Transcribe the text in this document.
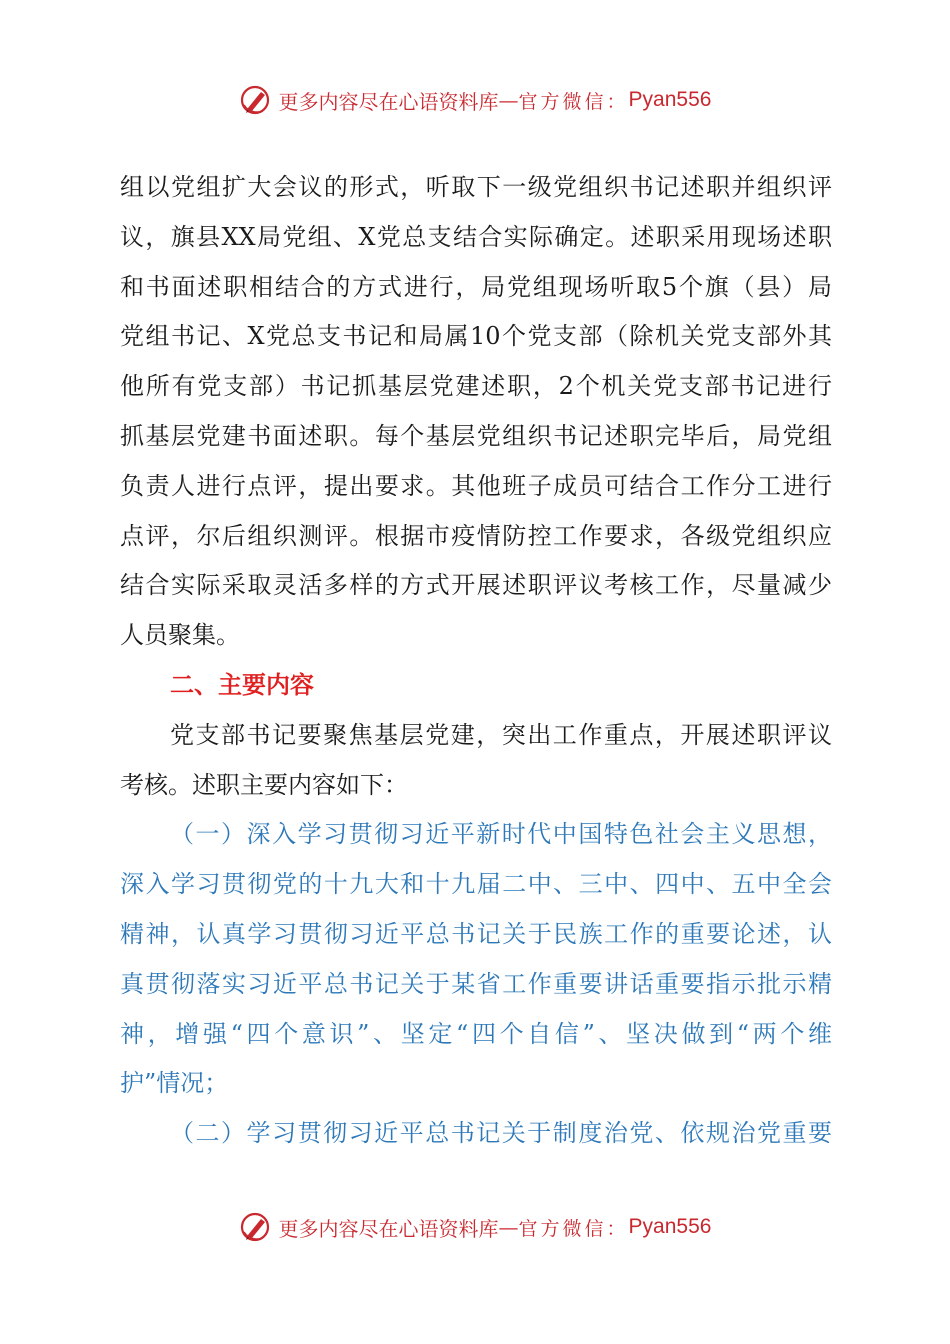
更多内容尽在心语资料库 — 官方微信： Pyan556
组以党组扩大会议的形式，听取下一级党组织书记述职并组织评
议，旗县XX局党组、X党总支结合实际确定。述职采用现场述职
和书面述职相结合的方式进行，局党组现场听取5个旗（县）局
党组书记、X党总支书记和局属10个党支部（除机关党支部外其
他所有党支部）书记抓基层党建述职，2个机关党支部书记进行
抓基层党建书面述职。每个基层党组织书记述职完毕后，局党组
负责人进行点评，提出要求。其他班子成员可结合工作分工进行
点评，尔后组织测评。根据市疫情防控工作要求，各级党组织应
结合实际采取灵活多样的方式开展述职评议考核工作，尽量减少
人员聚集。
二、主要内容
党支部书记要聚焦基层党建，突出工作重点，开展述职评议
考核。述职主要内容如下：
（一）深入学习贯彻习近平新时代中国特色社会主义思想，
深入学习贯彻党的十九大和十九届二中、三中、四中、五中全会
精神，认真学习贯彻习近平总书记关于民族工作的重要论述，认
真贯彻落实习近平总书记关于某省工作重要讲话重要指示批示精
神，增强“四个意识”、坚定“四个自信”、坚决做到“两个维
护”情况；
（二）学习贯彻习近平总书记关于制度治党、依规治党重要
更多内容尽在心语资料库 — 官方微信： Pyan556
